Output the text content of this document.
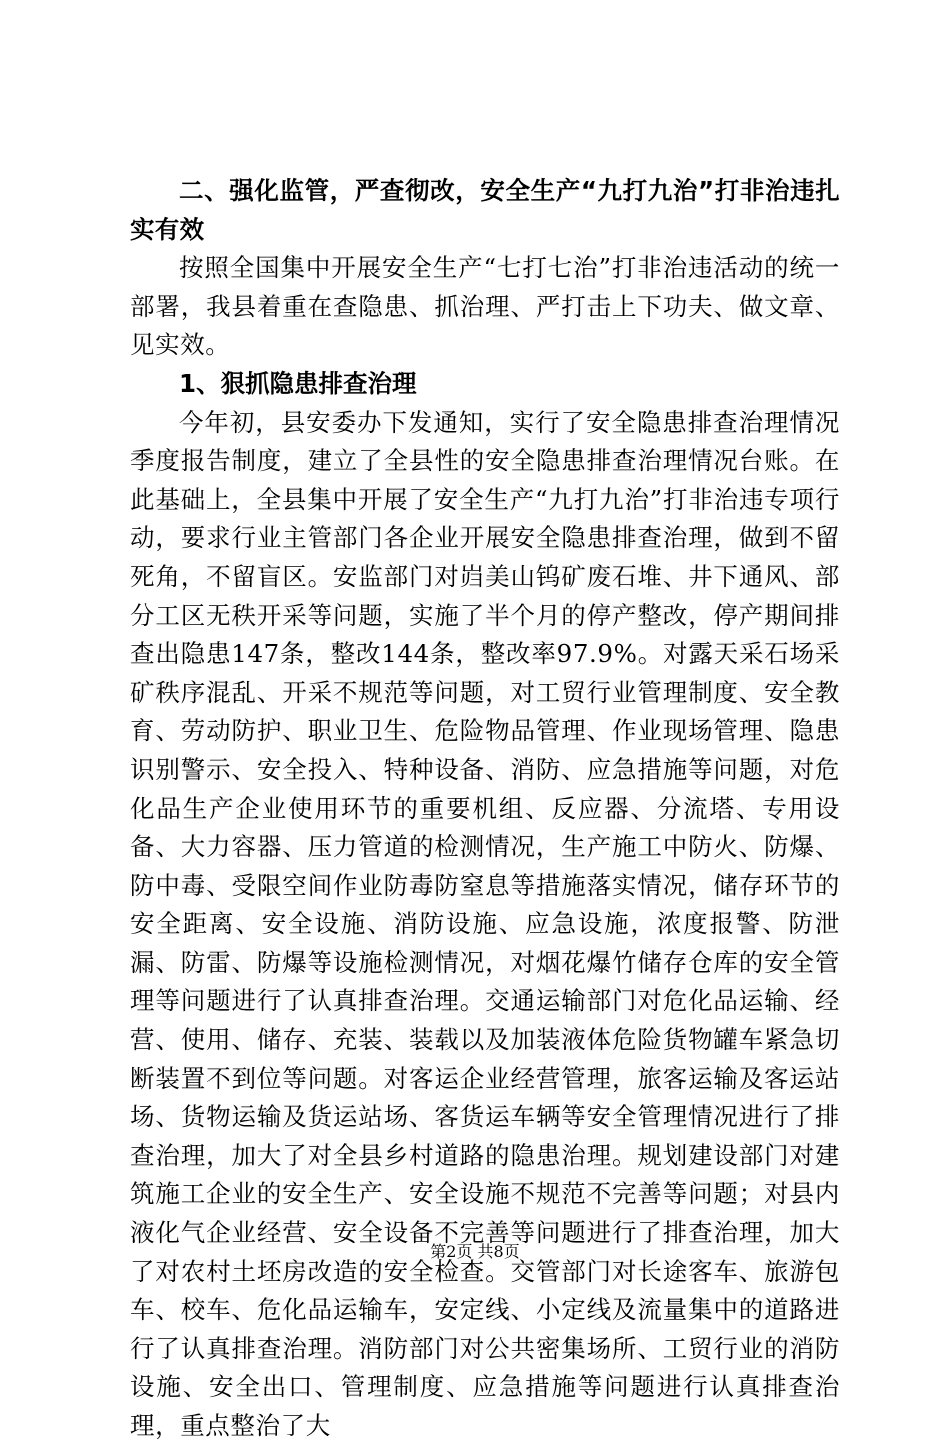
二、强化监管，严查彻改，安全生产“九打九治”打非治违扎实有效

按照全国集中开展安全生产“七打七治”打非治违活动的统一部署，我县着重在查隐患、抓治理、严打击上下功夫、做文章、见实效。

1、狠抓隐患排查治理

今年初，县安委办下发通知，实行了安全隐患排查治理情况季度报告制度，建立了全县性的安全隐患排查治理情况台账。在此基础上，全县集中开展了安全生产“九打九治”打非治违专项行动，要求行业主管部门各企业开展安全隐患排查治理，做到不留死角，不留盲区。安监部门对岿美山钨矿废石堆、井下通风、部分工区无秩开采等问题，实施了半个月的停产整改，停产期间排查出隐患147条，整改144条，整改率97.9%。对露天采石场采矿秩序混乱、开采不规范等问题，对工贸行业管理制度、安全教育、劳动防护、职业卫生、危险物品管理、作业现场管理、隐患识别警示、安全投入、特种设备、消防、应急措施等问题，对危化品生产企业使用环节的重要机组、反应器、分流塔、专用设备、大力容器、压力管道的检测情况，生产施工中防火、防爆、防中毒、受限空间作业防毒防窒息等措施落实情况，储存环节的安全距离、安全设施、消防设施、应急设施，浓度报警、防泄漏、防雷、防爆等设施检测情况，对烟花爆竹储存仓库的安全管理等问题进行了认真排查治理。交通运输部门对危化品运输、经营、使用、储存、充装、装载以及加装液体危险货物罐车紧急切断装置不到位等问题。对客运企业经营管理，旅客运输及客运站场、货物运输及货运站场、客货运车辆等安全管理情况进行了排查治理，加大了对全县乡村道路的隐患治理。规划建设部门对建筑施工企业的安全生产、安全设施不规范不完善等问题；对县内液化气企业经营、安全设备不完善等问题进行了排查治理，加大了对农村土坯房改造的安全检查。交管部门对长途客车、旅游包车、校车、危化品运输车，安定线、小定线及流量集中的道路进行了认真排查治理。消防部门对公共密集场所、工贸行业的消防设施、安全出口、管理制度、应急措施等问题进行认真排查治理，重点整治了大

第2页 共8页
